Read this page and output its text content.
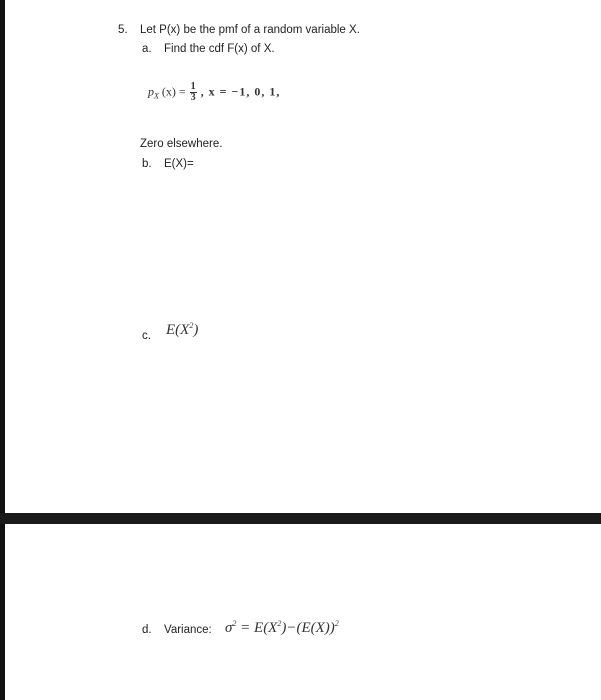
5. Let P(x) be the pmf of a random variable X.
a. Find the cdf F(x) of X.
$p_X$ $(x) = \frac{1}{3}$ , x = −1, 0, 1,
Zero elsewhere.
b. E(X)=
c. $E(X^2)$
d. Variance: $\sigma^2 = E(X^2)-(E(X))^2$
